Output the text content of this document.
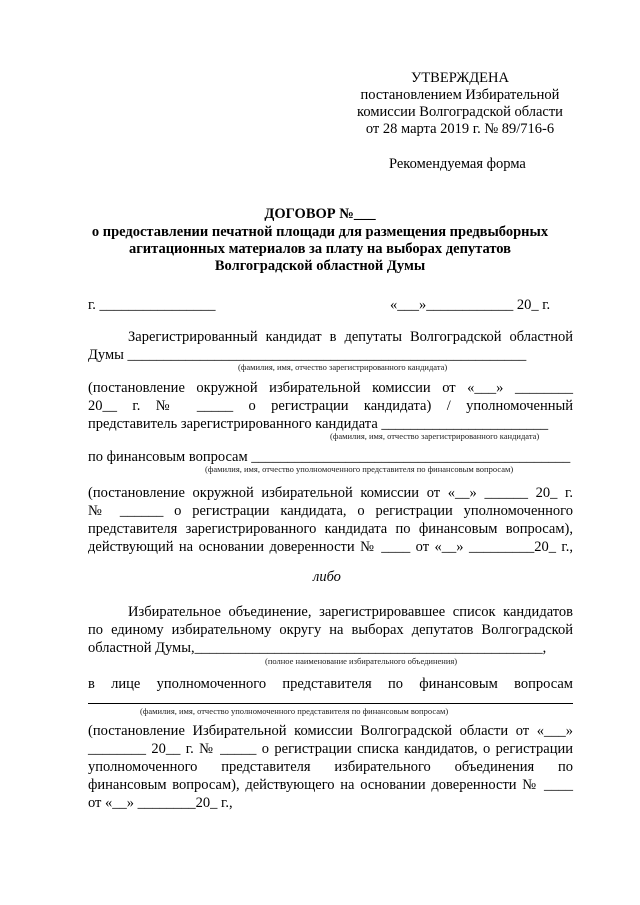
УТВЕРЖДЕНА
постановлением Избирательной
комиссии Волгоградской области
от 28 марта 2019 г. № 89/716-6
Рекомендуемая форма
ДОГОВОР №___
о предоставлении печатной площади для размещения предвыборных
агитационных материалов за плату на выборах депутатов
Волгоградской областной Думы
г. ________________	«___»____________ 20_ г.
Зарегистрированный кандидат в депутаты Волгоградской областной
Думы _______________________________________________________
(фамилия, имя, отчество зарегистрированного кандидата)
(постановление окружной избирательной комиссии от «___» ________
20__ г. № _____ о регистрации кандидата) / уполномоченный
представитель зарегистрированного кандидата _______________________
(фамилия, имя, отчество зарегистрированного кандидата)
по финансовым вопросам ____________________________________________
(фамилия, имя, отчество уполномоченного представителя по финансовым вопросам)
(постановление окружной избирательной комиссии от «__» ______ 20_ г.
№ ______ о регистрации кандидата, о регистрации уполномоченного
представителя зарегистрированного кандидата по финансовым вопросам),
действующий на основании доверенности № ____ от «__» _________20_ г.,
либо
Избирательное объединение, зарегистрировавшее список кандидатов
по единому избирательному округу на выборах депутатов Волгоградской
областной Думы,________________________________________________,
(полное наименование избирательного объединения)
в лице уполномоченного представителя по финансовым вопросам
(фамилия, имя, отчество уполномоченного представителя по финансовым вопросам)
(постановление Избирательной комиссии Волгоградской области от «___»
________ 20__ г. № _____ о регистрации списка кандидатов, о регистрации
уполномоченного представителя избирательного объединения по
финансовым вопросам), действующего на основании доверенности № ____
от «__» ________20_ г.,
